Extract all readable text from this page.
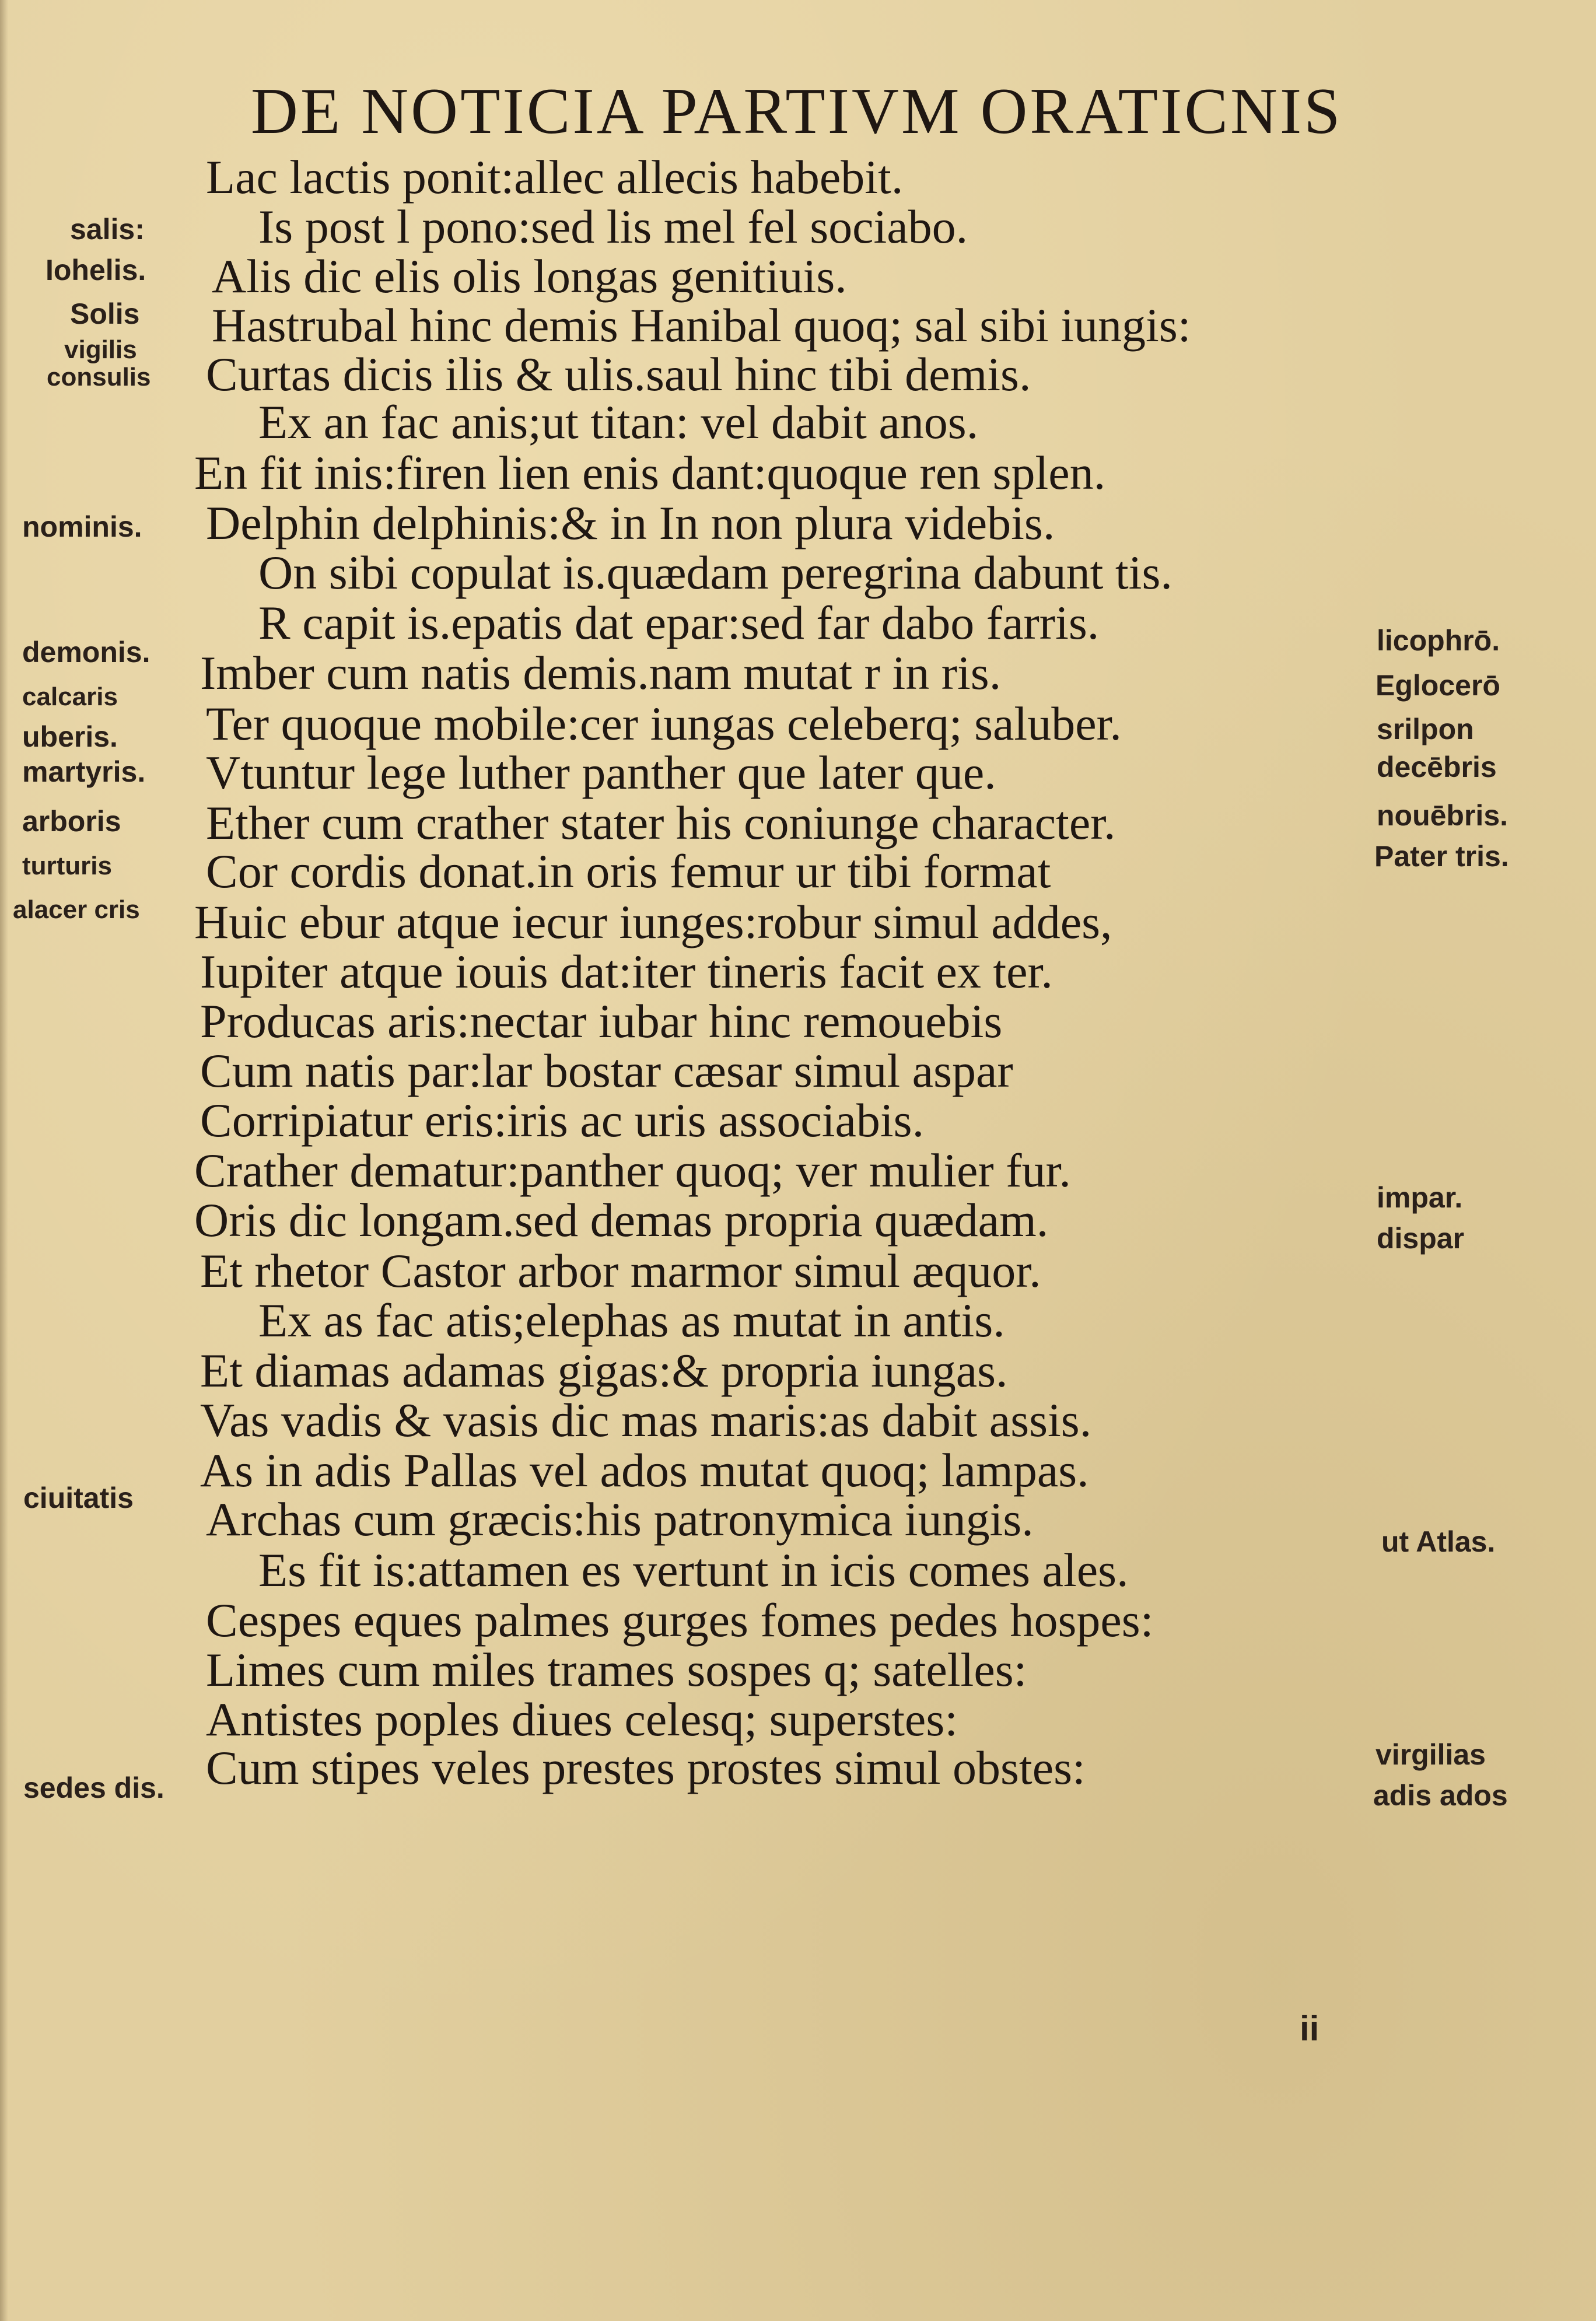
DE NOTICIA PARTIVM ORATICNIS
Lac lactis ponit:allec allecis habebit.
Is post l pono:sed lis mel fel sociabo.
Alis dic elis olis longas genitiuis.
Hastrubal hinc demis Hanibal quoq; sal sibi iungis:
Curtas dicis ilis & ulis.saul hinc tibi demis.
Ex an fac anis;ut titan: vel dabit anos.
En fit inis:firen lien enis dant:quoque ren splen.
Delphin delphinis:& in In non plura videbis.
On sibi copulat is.quædam peregrina dabunt tis.
R capit is.epatis dat epar:sed far dabo farris.
Imber cum natis demis.nam mutat r in ris.
Ter quoque mobile:cer iungas celeberq; saluber.
Vtuntur lege luther panther que later que.
Ether cum crather stater his coniunge character.
Cor cordis donat.in oris femur ur tibi format
Huic ebur atque iecur iunges:robur simul addes,
Iupiter atque iouis dat:iter tineris facit ex ter.
Producas aris:nectar iubar hinc remouebis
Cum natis par:lar bostar cæsar simul aspar
Corripiatur eris:iris ac uris associabis.
Crather dematur:panther quoq; ver mulier fur.
Oris dic longam.sed demas propria quædam.
Et rhetor Castor arbor marmor simul æquor.
Ex as fac atis;elephas as mutat in antis.
Et diamas adamas gigas:& propria iungas.
Vas vadis & vasis dic mas maris:as dabit assis.
As in adis Pallas vel ados mutat quoq; lampas.
Archas cum græcis:his patronymica iungis.
Es fit is:attamen es vertunt in icis comes ales.
Cespes eques palmes gurges fomes pedes hospes:
Limes cum miles trames sospes q; satelles:
Antistes poples diues celesq; superstes:
Cum stipes veles prestes prostes simul obstes:
salis:
Iohelis.
Solis
vigilis
consulis
nominis.
demonis.
calcaris
uberis.
martyris.
arboris
turturis
alacer cris
ciuitatis
sedes dis.
licophrō.
Eglocerō
srilpon
decēbris
nouēbris.
Pater tris.
impar.
dispar
ut Atlas.
virgilias
adis ados
ii
